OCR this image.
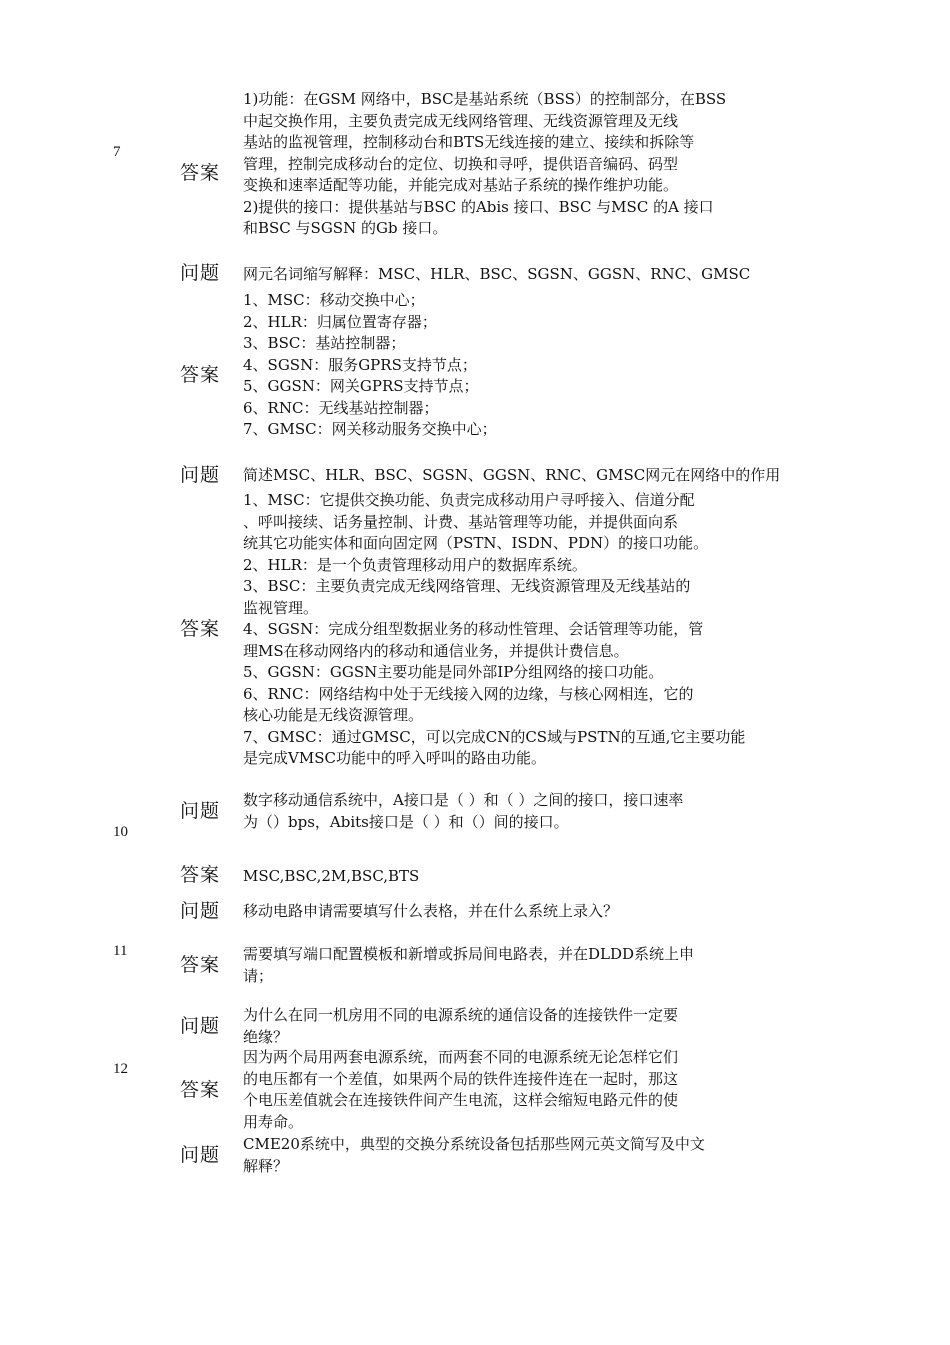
7
10
11
12
答案
问题
答案
问题
答案
问题
答案
问题
答案
问题
答案
问题
1)功能：在GSM 网络中，BSC是基站系统（BSS）的控制部分，在BSS
中起交换作用，主要负责完成无线网络管理、无线资源管理及无线
基站的监视管理，控制移动台和BTS无线连接的建立、接续和拆除等
管理，控制完成移动台的定位、切换和寻呼，提供语音编码、码型
变换和速率适配等功能，并能完成对基站子系统的操作维护功能。
2)提供的接口：提供基站与BSC 的Abis 接口、BSC 与MSC 的A 接口
和BSC 与SGSN 的Gb 接口。
网元名词缩写解释：MSC、HLR、BSC、SGSN、GGSN、RNC、GMSC
1、MSC：移动交换中心；
2、HLR：归属位置寄存器；
3、BSC：基站控制器；
4、SGSN：服务GPRS支持节点；
5、GGSN：网关GPRS支持节点；
6、RNC：无线基站控制器；
7、GMSC：网关移动服务交换中心；
简述MSC、HLR、BSC、SGSN、GGSN、RNC、GMSC网元在网络中的作用
1、MSC：它提供交换功能、负责完成移动用户寻呼接入、信道分配
、呼叫接续、话务量控制、计费、基站管理等功能，并提供面向系
统其它功能实体和面向固定网（PSTN、ISDN、PDN）的接口功能。
2、HLR：是一个负责管理移动用户的数据库系统。
3、BSC：主要负责完成无线网络管理、无线资源管理及无线基站的
监视管理。
4、SGSN：完成分组型数据业务的移动性管理、会话管理等功能，管
理MS在移动网络内的移动和通信业务，并提供计费信息。
5、GGSN：GGSN主要功能是同外部IP分组网络的接口功能。
6、RNC：网络结构中处于无线接入网的边缘，与核心网相连，它的
核心功能是无线资源管理。
7、GMSC：通过GMSC，可以完成CN的CS域与PSTN的互通,它主要功能
是完成VMSC功能中的呼入呼叫的路由功能。
数字移动通信系统中，A接口是（ ）和（ ）之间的接口，接口速率
为（）bps，Abits接口是（ ）和（）间的接口。
MSC,BSC,2M,BSC,BTS
移动电路申请需要填写什么表格，并在什么系统上录入？
需要填写端口配置模板和新增或拆局间电路表，并在DLDD系统上申
请；
为什么在同一机房用不同的电源系统的通信设备的连接铁件一定要
绝缘？
因为两个局用两套电源系统，而两套不同的电源系统无论怎样它们
的电压都有一个差值，如果两个局的铁件连接件连在一起时，那这
个电压差值就会在连接铁件间产生电流，这样会缩短电路元件的使
用寿命。
CME20系统中，典型的交换分系统设备包括那些网元英文简写及中文
解释？
